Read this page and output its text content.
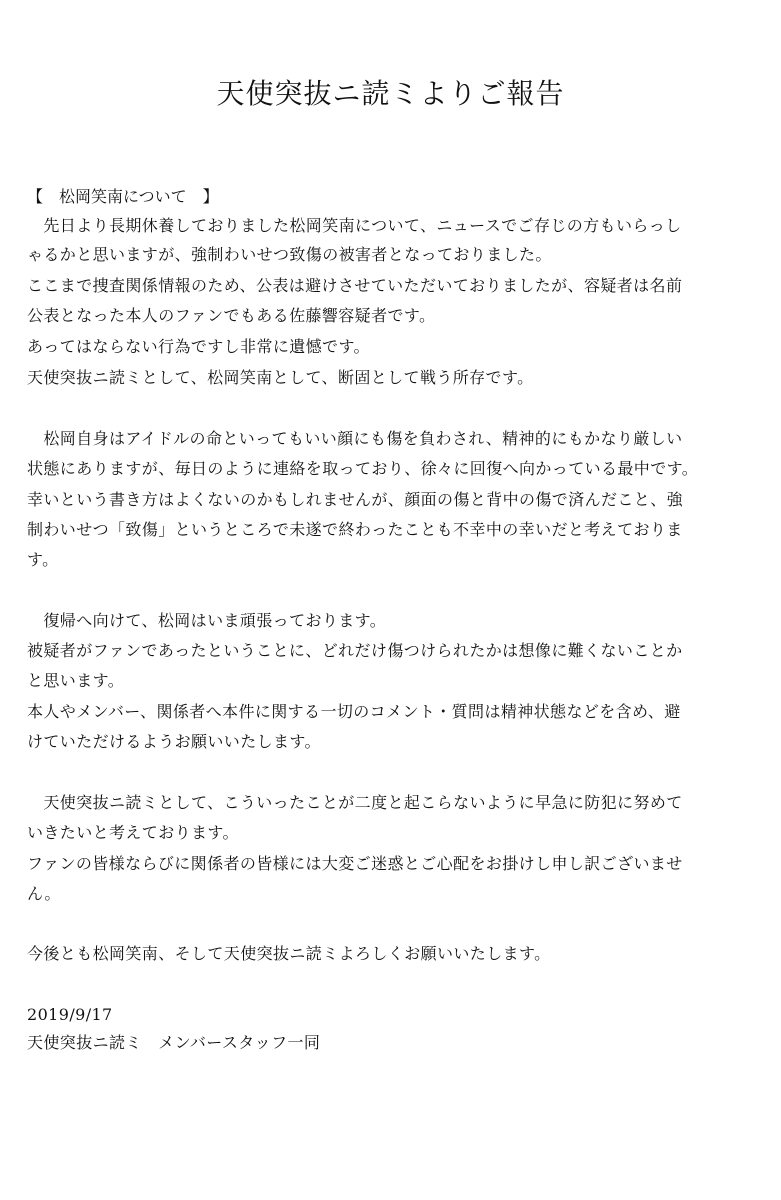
天使突抜ニ読ミよりご報告
【　松岡笑南について　】
　先日より長期休養しておりました松岡笑南について、ニュースでご存じの方もいらっし
ゃるかと思いますが、強制わいせつ致傷の被害者となっておりました。
ここまで捜査関係情報のため、公表は避けさせていただいておりましたが、容疑者は名前
公表となった本人のファンでもある佐藤響容疑者です。
あってはならない行為ですし非常に遺憾です。
天使突抜ニ読ミとして、松岡笑南として、断固として戦う所存です。
　松岡自身はアイドルの命といってもいい顔にも傷を負わされ、精神的にもかなり厳しい
状態にありますが、毎日のように連絡を取っており、徐々に回復へ向かっている最中です。
幸いという書き方はよくないのかもしれませんが、顔面の傷と背中の傷で済んだこと、強
制わいせつ「致傷」というところで未遂で終わったことも不幸中の幸いだと考えておりま
す。
　復帰へ向けて、松岡はいま頑張っております。
被疑者がファンであったということに、どれだけ傷つけられたかは想像に難くないことか
と思います。
本人やメンバー、関係者へ本件に関する一切のコメント・質問は精神状態などを含め、避
けていただけるようお願いいたします。
　天使突抜ニ読ミとして、こういったことが二度と起こらないように早急に防犯に努めて
いきたいと考えております。
ファンの皆様ならびに関係者の皆様には大変ご迷惑とご心配をお掛けし申し訳ございませ
ん。
今後とも松岡笑南、そして天使突抜ニ読ミよろしくお願いいたします。
2019/9/17
天使突抜ニ読ミ　メンバースタッフ一同
